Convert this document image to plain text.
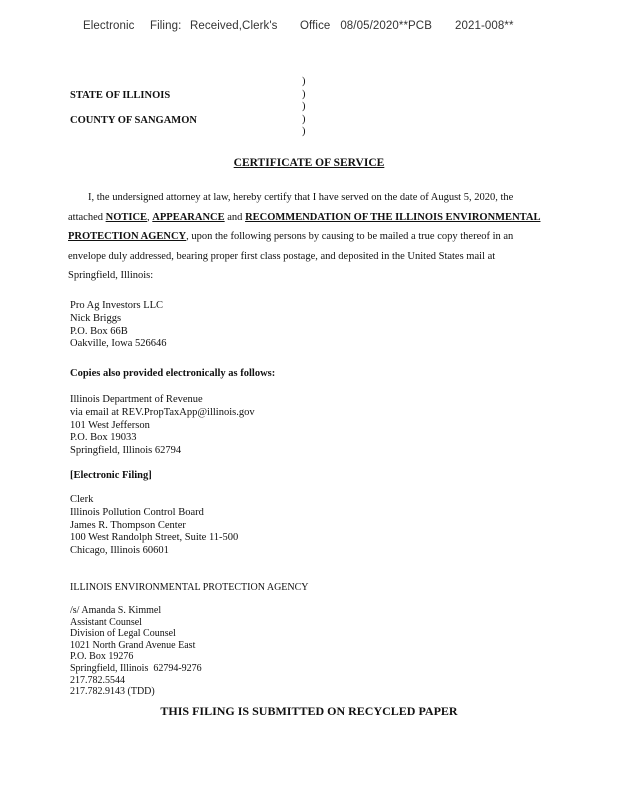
Electronic Filing: Received,Clerk's Office   08/05/2020**PCB 2021-008**
STATE OF ILLINOIS
COUNTY OF SANGAMON
)
)
)
)
)
CERTIFICATE OF SERVICE
I, the undersigned attorney at law, hereby certify that I have served on the date of August 5, 2020, the attached NOTICE, APPEARANCE and RECOMMENDATION OF THE ILLINOIS ENVIRONMENTAL PROTECTION AGENCY, upon the following persons by causing to be mailed a true copy thereof in an envelope duly addressed, bearing proper first class postage, and deposited in the United States mail at Springfield, Illinois:
Pro Ag Investors LLC
Nick Briggs
P.O. Box 66B
Oakville, Iowa 526646
Copies also provided electronically as follows:
Illinois Department of Revenue
via email at REV.PropTaxApp@illinois.gov
101 West Jefferson
P.O. Box 19033
Springfield, Illinois 62794
[Electronic Filing]
Clerk
Illinois Pollution Control Board
James R. Thompson Center
100 West Randolph Street, Suite 11-500
Chicago, Illinois 60601
ILLINOIS ENVIRONMENTAL PROTECTION AGENCY
/s/ Amanda S. Kimmel
Assistant Counsel
Division of Legal Counsel
1021 North Grand Avenue East
P.O. Box 19276
Springfield, Illinois  62794-9276
217.782.5544
217.782.9143 (TDD)
THIS FILING IS SUBMITTED ON RECYCLED PAPER
